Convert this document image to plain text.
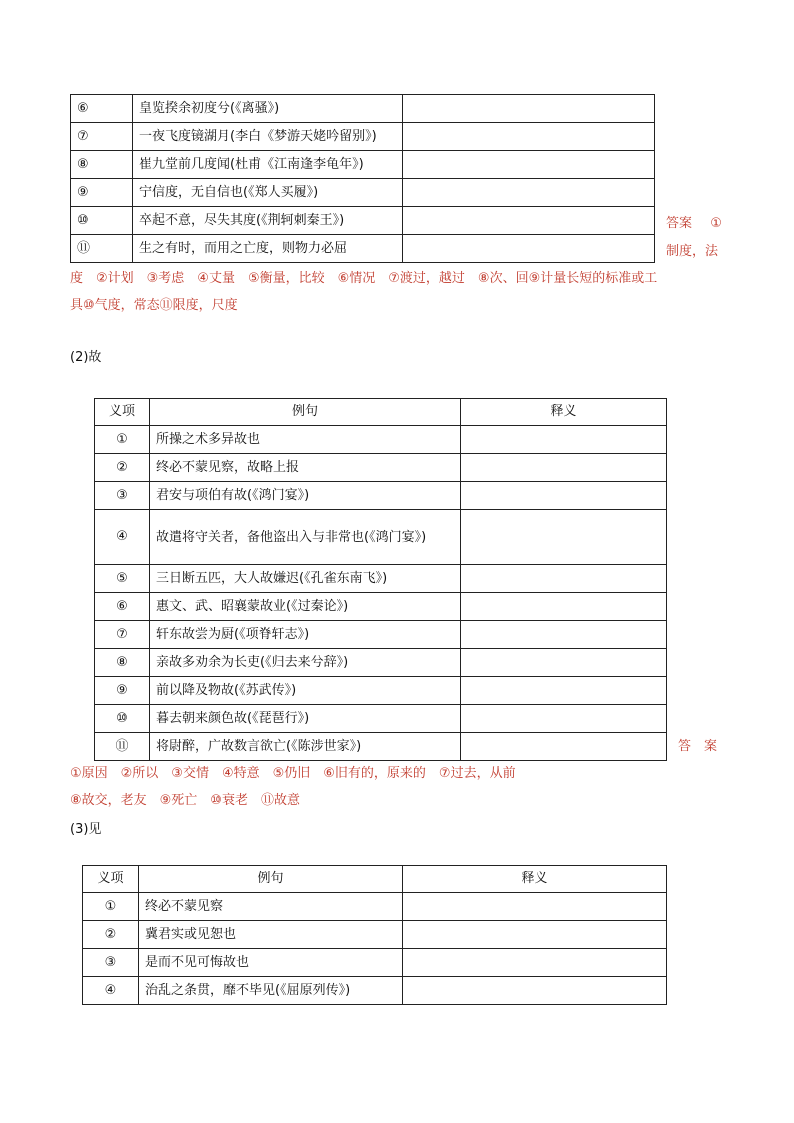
⑥	皇览揆余初度兮(《离骚》)	
⑦	一夜飞度镜湖月(李白《梦游天姥吟留别》)	
⑧	崔九堂前几度闻(杜甫《江南逢李龟年》)	
⑨	宁信度，无自信也(《郑人买履》)	
⑩	卒起不意，尽失其度(《荆轲刺秦王》)	
⑪	生之有时，而用之亡度，则物力必屈	
答案 ①
制度，法
度　②计划　③考虑　④丈量　⑤衡量，比较　⑥情况　⑦渡过，越过　⑧次、回⑨计量长短的标准或工
具⑩气度，常态⑪限度，尺度
(2)故
义项	例句	释义
①	所操之术多异故也	
②	终必不蒙见察，故略上报	
③	君安与项伯有故(《鸿门宴》)	
④	故遣将守关者，备他盗出入与非常也(《鸿门宴》)	
⑤	三日断五匹，大人故嫌迟(《孔雀东南飞》)	
⑥	惠文、武、昭襄蒙故业(《过秦论》)	
⑦	轩东故尝为厨(《项脊轩志》)	
⑧	亲故多劝余为长吏(《归去来兮辞》)	
⑨	前以降及物故(《苏武传》)	
⑩	暮去朝来颜色故(《琵琶行》)	
⑪	将尉醉，广故数言欲亡(《陈涉世家》)		答　案
①原因　②所以　③交情　④特意　⑤仍旧　⑥旧有的，原来的　⑦过去，从前
⑧故交，老友　⑨死亡　⑩衰老　⑪故意
(3)见
义项	例句	释义
①	终必不蒙见察	
②	冀君实或见恕也	
③	是而不见可悔故也	
④	治乱之条贯，靡不毕见(《屈原列传》)	
